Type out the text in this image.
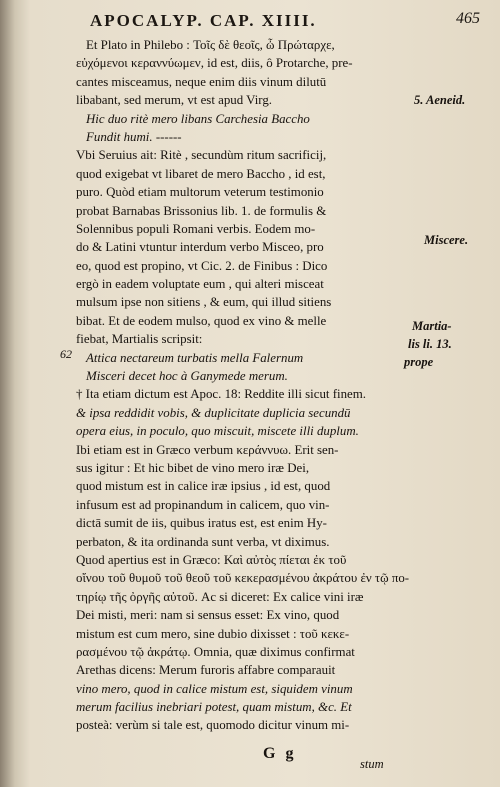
APOCALYP. CAP. XIIII.	465
Et Plato in Philebo : Τοῖς δὲ θεοῖς, ὦ Πρώταρχε,
εὐχόμενοι κεραννύωμεν, id est, diis, ô Protarche, pre-
cantes misceamus, neque enim diis vinum dilutū
libabant, sed merum, vt est apud Virg.
Hic duo ritè mero libans Carchesia Baccho
Fundit humi. ------
Vbi Seruius ait: Ritè , secundùm ritum sacrificij,
quod exigebat vt libaret de mero Baccho , id est,
puro. Quòd etiam multorum veterum testimonio
probat Barnabas Brissonius lib. 1. de formulis &
Solennibus populi Romani verbis. Eodem mo-
do & Latini vtuntur interdum verbo Misceo, pro
eo, quod est propino, vt Cic. 2. de Finibus : Dico
ergò in eadem voluptate eum , qui alteri misceat
mulsum ipse non sitiens , & eum, qui illud sitiens
bibat. Et de eodem mulso, quod ex vino & melle
fiebat, Martialis scripsit:
Attica nectareum turbatis mella Falernum
Misceri decet hoc à Ganymede merum.
† Ita etiam dictum est Apoc. 18: Reddite illi sicut finem.
& ipsa reddidit vobis, & duplicitate duplicia secundū
opera eius, in poculo, quo miscuit, miscete illi duplum.
Ibi etiam est in Græco verbum κεράννυω. Erit sen-
sus igitur : Et hic bibet de vino mero iræ Dei,
quod mistum est in calice iræ ipsius , id est, quod
infusum est ad propinandum in calicem, quo vin-
dictā sumit de iis, quibus iratus est, est enim Hy-
perbaton, & ita ordinanda sunt verba, vt diximus.
Quod apertius est in Græco: Καὶ αὐτὸς πίεται ἐκ τοῦ
οἴνου τοῦ θυμοῦ τοῦ θεοῦ τοῦ κεκερασμένου ἀκράτου ἐν τῷ πο-
τηρίῳ τῆς ὀργῆς αὐτοῦ. Ac si diceret: Ex calice vini iræ
Dei misti, meri: nam si sensus esset: Ex vino, quod
mistum est cum mero, sine dubio dixisset : τοῦ κεκε-
ρασμένου τῷ ἀκράτῳ. Omnia, quæ diximus confirmat
Arethas dicens: Merum furoris affabre comparauit
vino mero, quod in calice mistum est, siquidem vinum
merum facilius inebriari potest, quam mistum, &c. Et
posteà: verùm si tale est, quomodo dicitur vinum mi-
5. Aeneid.
Miscere.
Martia-
lis li. 13.
prope
62
G g
stum
